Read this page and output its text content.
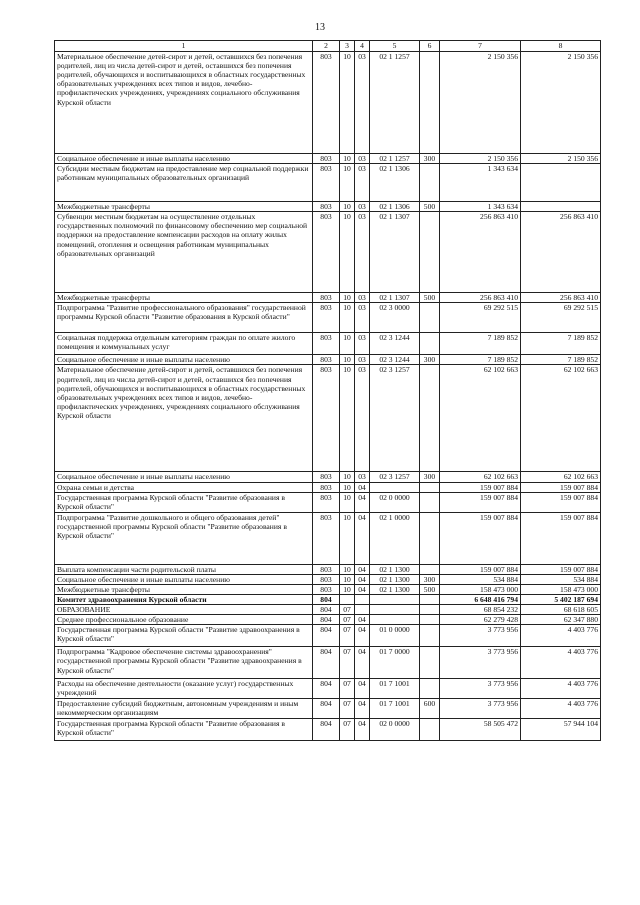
13
1	2	3	4	5	6	7	8
Материальное обеспечение детей-сирот и детей, оставшихся без попечения родителей, лиц из числа детей-сирот и детей, оставшихся без попечения родителей, обучающихся и воспитывающихся в областных государственных образовательных учреждениях всех типов и видов, лечебно-профилактических учреждениях, учреждениях социального обслуживания Курской области	803	10	03	02 1 1257		2 150 356	2 150 356
Социальное обеспечение и иные выплаты населению	803	10	03	02 1 1257	300	2 150 356	2 150 356
Субсидии местным бюджетам на предоставление мер социальной поддержки работникам муниципальных образовательных организаций	803	10	03	02 1 1306		1 343 634	
Межбюджетные трансферты	803	10	03	02 1 1306	500	1 343 634	
Субвенции местным бюджетам на осуществление отдельных государственных полномочий по финансовому обеспечению мер социальной поддержки на предоставление компенсации расходов на оплату жилых помещений, отопления и освещения работникам муниципальных образовательных организаций	803	10	03	02 1 1307		256 863 410	256 863 410
Межбюджетные трансферты	803	10	03	02 1 1307	500	256 863 410	256 863 410
Подпрограмма "Развитие профессионального образования" государственной программы Курской области "Развитие образования в Курской области"	803	10	03	02 3 0000		69 292 515	69 292 515
Социальная поддержка отдельным категориям граждан по оплате жилого помещения и коммунальных услуг	803	10	03	02 3 1244		7 189 852	7 189 852
Социальное обеспечение и иные выплаты населению	803	10	03	02 3 1244	300	7 189 852	7 189 852
Материальное обеспечение детей-сирот и детей, оставшихся без попечения родителей, лиц из числа детей-сирот и детей, оставшихся без попечения родителей, обучающихся и воспитывающихся в областных государственных образовательных учреждениях всех типов и видов, лечебно-профилактических учреждениях, учреждениях социального обслуживания Курской области	803	10	03	02 3 1257		62 102 663	62 102 663
Социальное обеспечение и иные выплаты населению	803	10	03	02 3 1257	300	62 102 663	62 102 663
Охрана семьи и детства	803	10	04			159 007 884	159 007 884
Государственная программа Курской области "Развитие образования в Курской области"	803	10	04	02 0 0000		159 007 884	159 007 884
Подпрограмма "Развитие дошкольного и общего образования детей" государственной программы Курской области "Развитие образования в Курской области"	803	10	04	02 1 0000		159 007 884	159 007 884
Выплата компенсации части родительской платы	803	10	04	02 1 1300		159 007 884	159 007 884
Социальное обеспечение и иные выплаты населению	803	10	04	02 1 1300	300	534 884	534 884
Межбюджетные трансферты	803	10	04	02 1 1300	500	158 473 000	158 473 000
Комитет здравоохранения Курской области	804					6 648 416 794	5 402 187 694
ОБРАЗОВАНИЕ	804	07				68 854 232	68 618 605
Среднее профессиональное образование	804	07	04			62 279 428	62 347 880
Государственная программа Курской области "Развитие здравоохранения в Курской области"	804	07	04	01 0 0000		3 773 956	4 403 776
Подпрограмма "Кадровое обеспечение системы здравоохранения" государственной программы Курской области "Развитие здравоохранения в Курской области"	804	07	04	01 7 0000		3 773 956	4 403 776
Расходы на обеспечение деятельности (оказание услуг) государственных учреждений	804	07	04	01 7 1001		3 773 956	4 403 776
Предоставление субсидий бюджетным, автономным учреждениям и иным некоммерческим организациям	804	07	04	01 7 1001	600	3 773 956	4 403 776
Государственная программа Курской области "Развитие образования в Курской области"	804	07	04	02 0 0000		58 505 472	57 944 104
